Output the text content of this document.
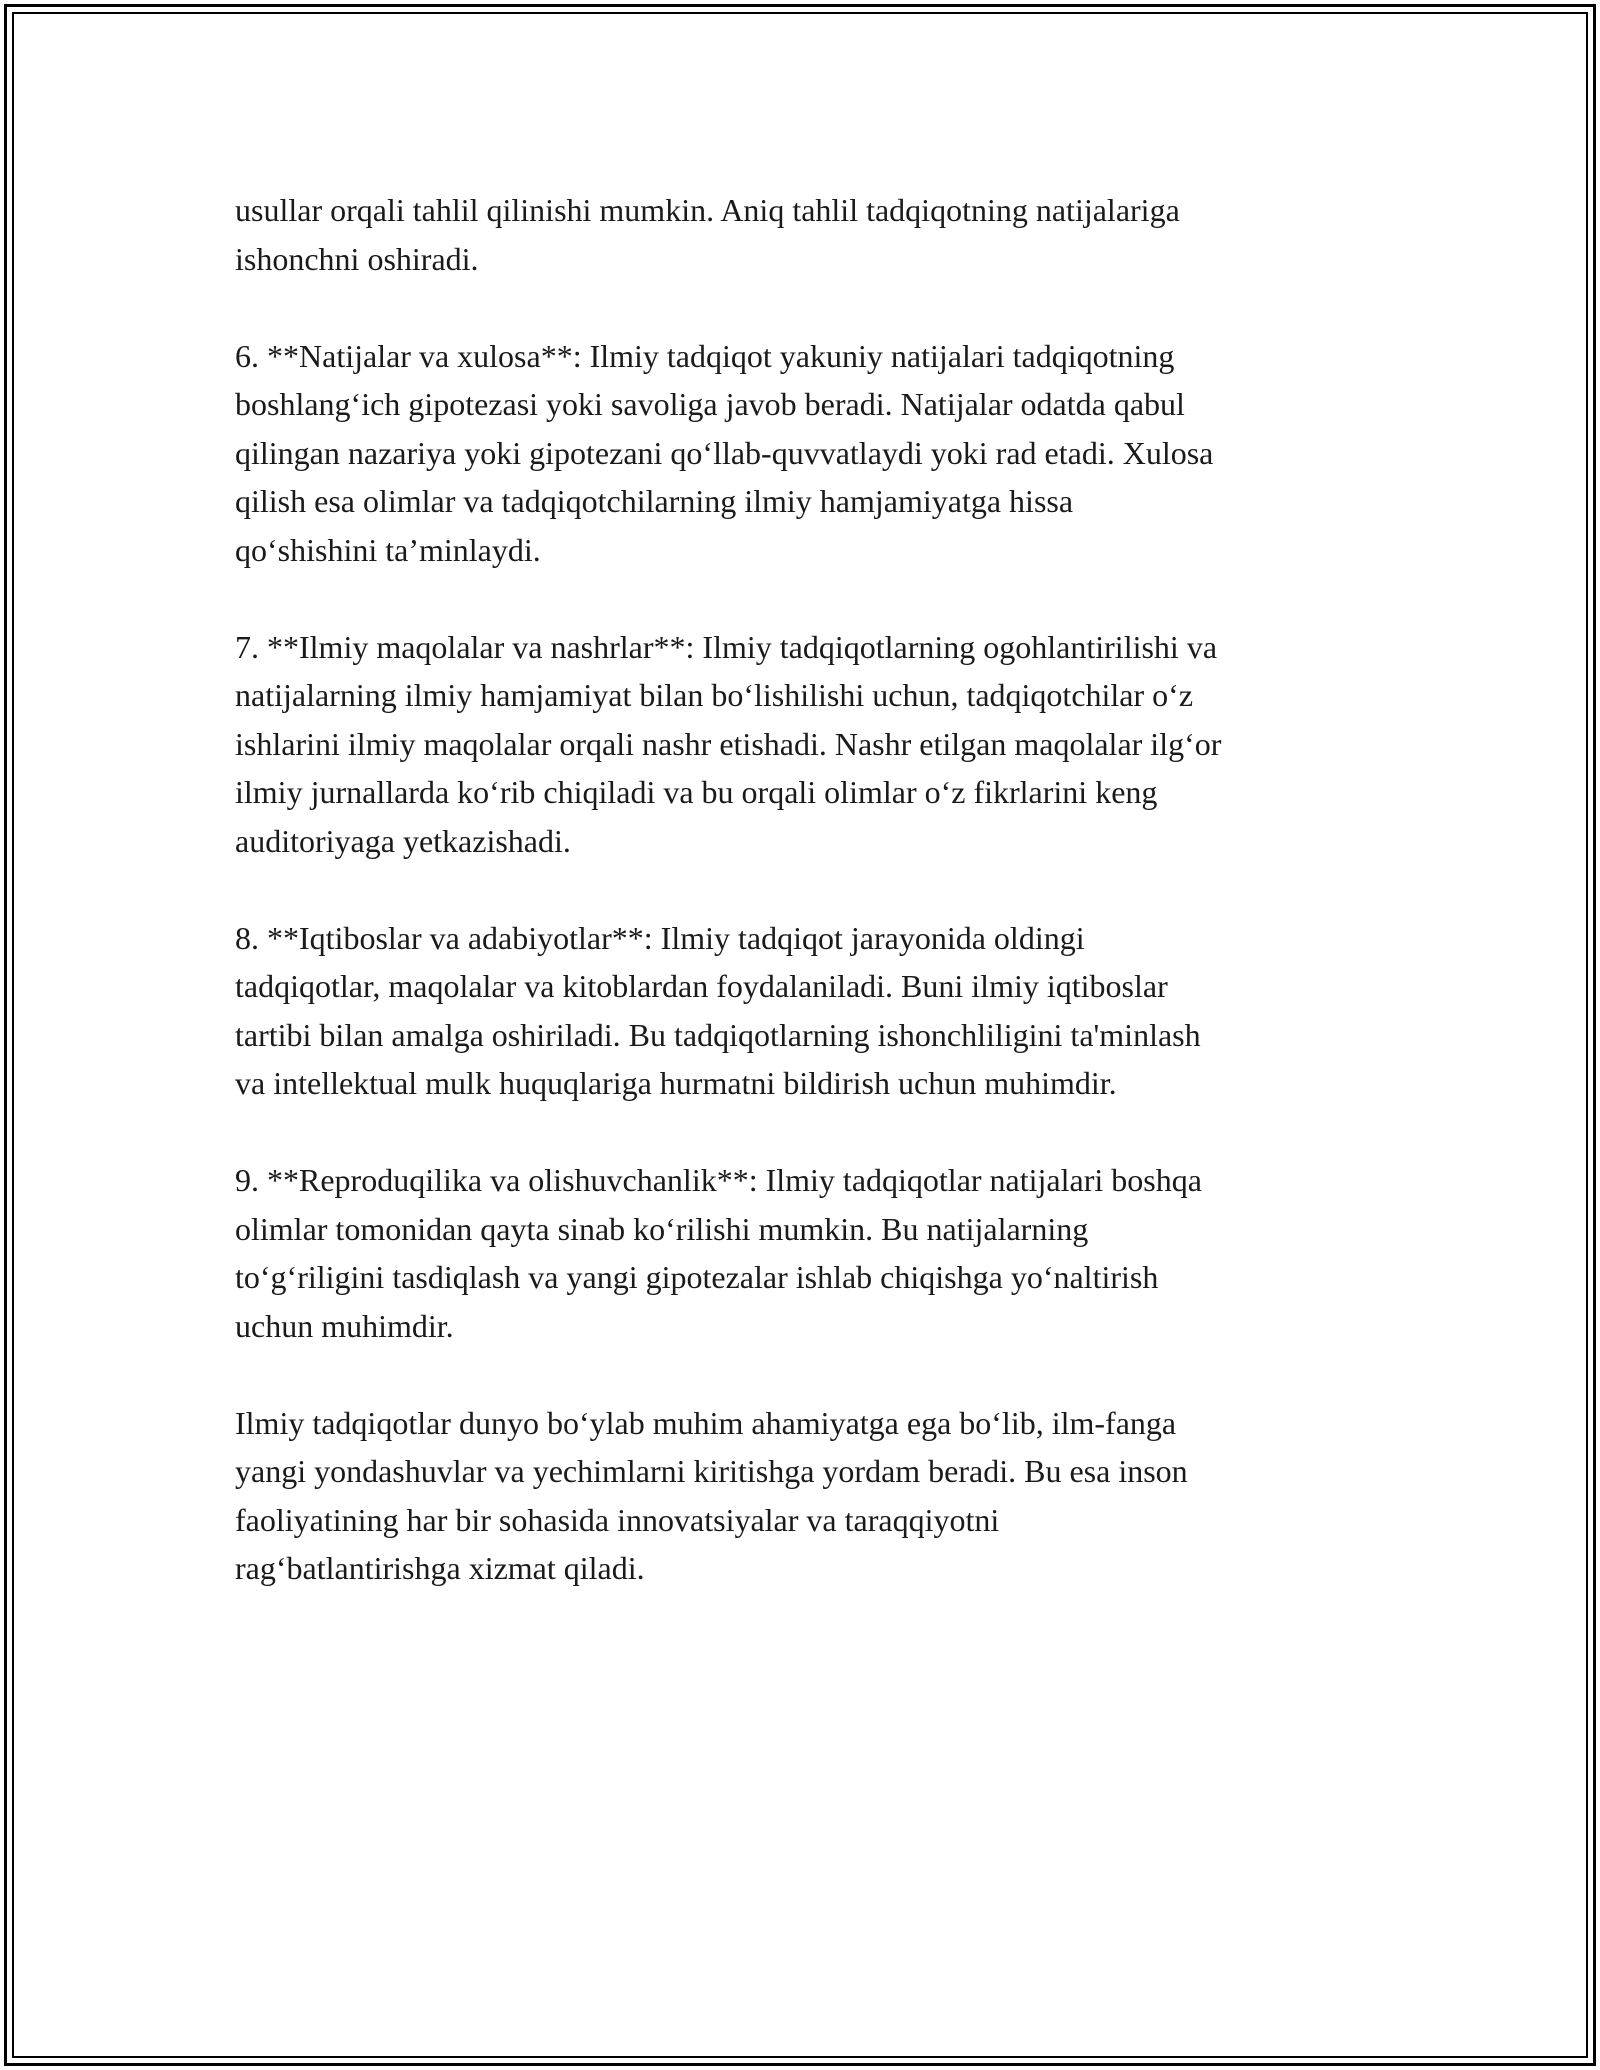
usullar orqali tahlil qilinishi mumkin. Aniq tahlil tadqiqotning natijalariga
ishonchni oshiradi.

6. **Natijalar va xulosa**: Ilmiy tadqiqot yakuniy natijalari tadqiqotning
boshlang‘ich gipotezasi yoki savoliga javob beradi. Natijalar odatda qabul
qilingan nazariya yoki gipotezani qo‘llab-quvvatlaydi yoki rad etadi. Xulosa
qilish esa olimlar va tadqiqotchilarning ilmiy hamjamiyatga hissa
qo‘shishini ta’minlaydi.

7. **Ilmiy maqolalar va nashrlar**: Ilmiy tadqiqotlarning ogohlantirilishi va
natijalarning ilmiy hamjamiyat bilan bo‘lishilishi uchun, tadqiqotchilar o‘z
ishlarini ilmiy maqolalar orqali nashr etishadi. Nashr etilgan maqolalar ilg‘or
ilmiy jurnallarda ko‘rib chiqiladi va bu orqali olimlar o‘z fikrlarini keng
auditoriyaga yetkazishadi.

8. **Iqtiboslar va adabiyotlar**: Ilmiy tadqiqot jarayonida oldingi
tadqiqotlar, maqolalar va kitoblardan foydalaniladi. Buni ilmiy iqtiboslar
tartibi bilan amalga oshiriladi. Bu tadqiqotlarning ishonchliligini ta'minlash
va intellektual mulk huquqlariga hurmatni bildirish uchun muhimdir.

9. **Reproduqilika va olishuvchanlik**: Ilmiy tadqiqotlar natijalari boshqa
olimlar tomonidan qayta sinab ko‘rilishi mumkin. Bu natijalarning
to‘g‘riligini tasdiqlash va yangi gipotezalar ishlab chiqishga yo‘naltirish
uchun muhimdir.

Ilmiy tadqiqotlar dunyo bo‘ylab muhim ahamiyatga ega bo‘lib, ilm-fanga
yangi yondashuvlar va yechimlarni kiritishga yordam beradi. Bu esa inson
faoliyatining har bir sohasida innovatsiyalar va taraqqiyotni
rag‘batlantirishga xizmat qiladi.
